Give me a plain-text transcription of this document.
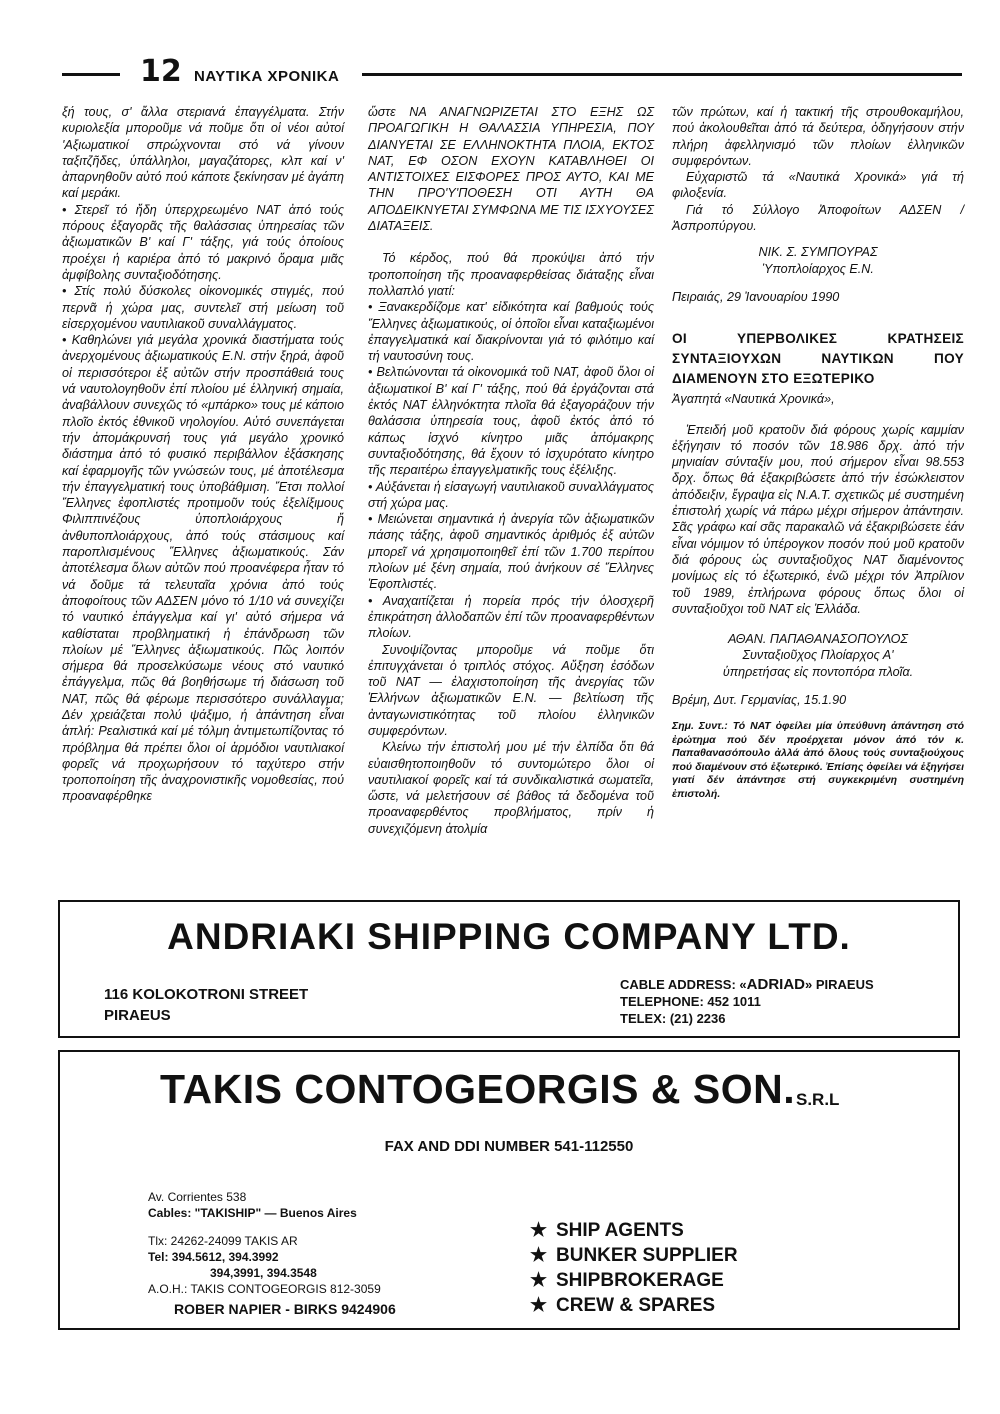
12 ΝΑΥΤΙΚΑ ΧΡΟΝΙΚΑ

ξή τους, σ' ἄλλα στεριανά ἐπαγγέλματα. Στήν κυριολεξία μποροῦμε νά ποῦμε ὅτι οἱ νέοι αὐτοί 'Αξιωματικοί σπρώχνονται στό νά γίνουν ταξιτζῆδες, ὑπάλληλοι, μαγαζάτορες, κλπ καί ν' ἀπαρνηθοῦν αὐτό πού κάποτε ξεκίνησαν μέ ἀγάπη καί μεράκι.

• Στερεῖ τό ἤδη ὑπερχρεωμένο ΝΑΤ ἀπό τούς πόρους ἐξαγορᾶς τῆς θαλάσσιας ὑπηρεσίας τῶν ἀξιωματικῶν Β' καί Γ' τάξης, γιά τούς ὁποίους προέχει ἡ καριέρα ἀπό τό μακρινό ὅραμα μιᾶς ἀμφίβολης συνταξιοδότησης.

• Στίς πολύ δύσκολες οἰκονομικές στιγμές, πού περνᾶ ἡ χώρα μας, συντελεῖ στή μείωση τοῦ εἰσερχομένου ναυτιλιακοῦ συναλλάγματος.

• Καθηλώνει γιά μεγάλα χρονικά διαστήματα τούς ἀνερχομένους ἀξιωματικούς Ε.Ν. στήν ξηρά, ἀφοῦ οἱ περισσότεροι ἐξ αὐτῶν στήν προσπάθειά τους νά ναυτολογηθοῦν ἐπί πλοίου μέ ἑλληνική σημαία, ἀναβάλλουν συνεχῶς τό «μπάρκο» τους μέ κάποιο πλοῖο ἐκτός ἐθνικοῦ νηολογίου. Αὐτό συνεπάγεται τήν ἀπομάκρυνσή τους γιά μεγάλο χρονικό διάστημα ἀπό τό φυσικό περιβάλλον ἐξάσκησης καί ἐφαρμογῆς τῶν γνώσεών τους, μέ ἀποτέλεσμα τήν ἐπαγγελματική τους ὑποβάθμιση. Ἔτσι πολλοί Ἕλληνες ἐφοπλιστές προτιμοῦν τούς ἐξελίξιμους Φιλιππινέζους ὑποπλοιάρχους ἤ ἀνθυποπλοιάρχους, ἀπό τούς στάσιμους καί παροπλισμένους Ἕλληνες ἀξιωματικούς. Σάν ἀποτέλεσμα ὅλων αὐτῶν πού προανέφερα ἦταν τό νά δοῦμε τά τελευταῖα χρόνια ἀπό τούς ἀποφοίτους τῶν ΑΔΣΕΝ μόνο τό 1/10 νά συνεχίζει τό ναυτικό ἐπάγγελμα καί γι' αὐτό σήμερα νά καθίσταται προβληματική ἡ ἐπάνδρωση τῶν πλοίων μέ Ἕλληνες ἀξιωματικούς. Πῶς λοιπόν σήμερα θά προσελκύσωμε νέους στό ναυτικό ἐπάγγελμα, πῶς θά βοηθήσωμε τή διάσωση τοῦ ΝΑΤ, πῶς θά φέρωμε περισσότερο συνάλλαγμα; Δέν χρειάζεται πολύ ψάξιμο, ἡ ἀπάντηση εἶναι ἁπλή: Ρεαλιστικά καί μέ τόλμη ἀντιμετωπίζοντας τό πρόβλημα θά πρέπει ὅλοι οἱ ἁρμόδιοι ναυτιλιακοί φορεῖς νά προχωρήσουν τό ταχύτερο στήν τροποποίηση τῆς ἀναχρονιστικῆς νομοθεσίας, πού προαναφέρθηκε

ὥστε ΝΑ ΑΝΑΓΝΩΡΙΖΕΤΑΙ ΣΤΟ ΕΞΗΣ ΩΣ ΠΡΟΑΓΩΓΙΚΗ Η ΘΑΛΑΣΣΙΑ ΥΠΗΡΕΣΙΑ, ΠΟΥ ΔΙΑΝΥΕΤΑΙ ΣΕ ΕΛΛΗΝΟΚΤΗΤΑ ΠΛΟΙΑ, ΕΚΤΟΣ ΝΑΤ, ΕΦ ΟΣΟΝ ΕΧΟΥΝ ΚΑΤΑΒΛΗΘΕΙ ΟΙ ΑΝΤΙΣΤΟΙΧΕΣ ΕΙΣΦΟΡΕΣ ΠΡΟΣ ΑΥΤΟ, ΚΑΙ ΜΕ ΤΗΝ ΠΡΟ'Υ'ΠΟΘΕΣΗ ΟΤΙ ΑΥΤΗ ΘΑ ΑΠΟΔΕΙΚΝΥΕΤΑΙ ΣΥΜΦΩΝΑ ΜΕ ΤΙΣ ΙΣΧΥΟΥΣΕΣ ΔΙΑΤΑΞΕΙΣ.

Τό κέρδος, πού θά προκύψει ἀπό τήν τροποποίηση τῆς προαναφερθείσας διάταξης εἶναι πολλαπλό γιατί:

• Ξανακερδίζομε κατ' εἰδικότητα καί βαθμούς τούς Ἕλληνες ἀξιωματικούς, οἱ ὁποῖοι εἶναι καταξιωμένοι ἐπαγγελματικά καί διακρίνονται γιά τό φιλότιμο καί τή ναυτοσύνη τους.

• Βελτιώνονται τά οἰκονομικά τοῦ ΝΑΤ, ἀφοῦ ὅλοι οἱ ἀξιωματικοί Β' καί Γ' τάξης, πού θά ἐργάζονται στά ἐκτός ΝΑΤ ἑλληνόκτητα πλοῖα θά ἐξαγοράζουν τήν θαλάσσια ὑπηρεσία τους, ἀφοῦ ἐκτός ἀπό τό κάπως ἰσχνό κίνητρο μιᾶς ἀπόμακρης συνταξιοδότησης, θά ἔχουν τό ἰσχυρότατο κίνητρο τῆς περαιτέρω ἐπαγγελματικῆς τους ἐξέλιξης.

• Αὐξάνεται ἡ εἰσαγωγή ναυτιλιακοῦ συναλλάγματος στή χώρα μας.

• Μειώνεται σημαντικά ἡ ἀνεργία τῶν ἀξιωματικῶν πάσης τάξης, ἀφοῦ σημαντικός ἀριθμός ἐξ αὐτῶν μπορεῖ νά χρησιμοποιηθεῖ ἐπί τῶν 1.700 περίπου πλοίων μέ ξένη σημαία, πού ἀνήκουν σέ Ἕλληνες Ἐφοπλιστές.

• Αναχαιτίζεται ἡ πορεία πρός τήν ὁλοσχερῆ ἐπικράτηση ἀλλοδαπῶν ἐπί τῶν προαναφερθέντων πλοίων.

Συνοψίζοντας μποροῦμε νά ποῦμε ὅτι ἐπιτυγχάνεται ὁ τριπλός στόχος. Αὔξηση ἐσόδων τοῦ ΝΑΤ — ἐλαχιστοποίηση τῆς ἀνεργίας τῶν Ἑλλήνων ἀξιωματικῶν Ε.Ν. — βελτίωση τῆς ἀνταγωνιστικότητας τοῦ πλοίου ἑλληνικῶν συμφερόντων.

Κλείνω τήν ἐπιστολή μου μέ τήν ἐλπίδα ὅτι θά εὐαισθητοποιηθοῦν τό συντομώτερο ὅλοι οἱ ναυτιλιακοί φορεῖς καί τά συνδικαλιστικά σωματεῖα, ὥστε, νά μελετήσουν σέ βάθος τά δεδομένα τοῦ προαναφερθέντος προβλήματος, πρίν ἡ συνεχιζόμενη ἀτολμία

τῶν πρώτων, καί ἡ τακτική τῆς στρουθοκαμήλου, πού ἀκολουθεῖται ἀπό τά δεύτερα, ὁδηγήσουν στήν πλήρη ἀφελληνισμό τῶν πλοίων ἑλληνικῶν συμφερόντων.

Εὐχαριστῶ τά «Ναυτικά Χρονικά» γιά τή φιλοξενία.

Γιά τό Σύλλογο Ἀποφοίτων ΑΔΣΕΝ / Ἀσπροπύργου.

ΝΙΚ. Σ. ΣΥΜΠΟΥΡΑΣ

Ὑποπλοίαρχος Ε.Ν.

Πειραιάς, 29 Ἰανουαρίου 1990

ΟΙ ΥΠΕΡΒΟΛΙΚΕΣ ΚΡΑΤΗΣΕΙΣ ΣΥΝΤΑΞΙΟΥΧΩΝ ΝΑΥΤΙΚΩΝ ΠΟΥ ΔΙΑΜΕΝΟΥΝ ΣΤΟ ΕΞΩΤΕΡΙΚΟ

Ἀγαπητά «Ναυτικά Χρονικά»,

Ἐπειδή μοῦ κρατοῦν διά φόρους χωρίς καμμίαν ἐξήγησιν τό ποσόν τῶν 18.986 δρχ. ἀπό τήν μηνιαίαν σύνταξίν μου, πού σήμερον εἶναι 98.553 δρχ. ὅπως θά ἐξακριβώσετε ἀπό τήν ἐσώκλειστον ἀπόδειξιν, ἔγραψα εἰς Ν.Α.Τ. σχετικῶς μέ συστημένη ἐπιστολή χωρίς νά πάρω μέχρι σήμερον ἀπάντησιν. Σᾶς γράφω καί σᾶς παρακαλῶ νά ἐξακριβώσετε ἐάν εἶναι νόμιμον τό ὑπέρογκον ποσόν πού μοῦ κρατοῦν διά φόρους ὡς συνταξιοῦχος ΝΑΤ διαμένοντος μονίμως εἰς τό ἐξωτερικό, ἐνῶ μέχρι τόν Ἀπρίλιον τοῦ 1989, ἐπλήρωνα φόρους ὅπως ὅλοι οἱ συνταξιοῦχοι τοῦ ΝΑΤ εἰς Ἑλλάδα.

ΑΘΑΝ. ΠΑΠΑΘΑΝΑΣΟΠΟΥΛΟΣ

Συνταξιοῦχος Πλοίαρχος Α'

ὑπηρετήσας εἰς ποντοπόρα πλοῖα.

Βρέμη, Δυτ. Γερμανίας, 15.1.90

Σημ. Συντ.: Τό ΝΑΤ ὀφείλει μία ὑπεύθυνη ἀπάντηση στό ἐρώτημα πού δέν προέρχεται μόνον ἀπό τόν κ. Παπαθανασόπουλο ἀλλά ἀπό ὅλους τούς συνταξιούχους πού διαμένουν στό ἐξωτερικό. Ἐπίσης ὀφείλει νά ἐξηγήσει γιατί δέν ἀπάντησε στή συγκεκριμένη συστημένη ἐπιστολή.

ANDRIAKI SHIPPING COMPANY LTD.
116 KOLOKOTRONI STREET
PIRAEUS
CABLE ADDRESS: «ADRIAD» PIRAEUS
TELEPHONE: 452 1011
TELEX: (21) 2236
TAKIS CONTOGEORGIS & SON. S.R.L
FAX AND DDI NUMBER 541-112550
Av. Corrientes 538
Cables: "TAKISHIP" — Buenos Aires
Tlx: 24262-24099 TAKIS AR
Tel: 394.5612, 394.3992
394,3991, 394.3548
A.O.H.: TAKIS CONTOGEORGIS 812-3059
ROBER NAPIER - BIRKS 9424906
★ SHIP AGENTS
★ BUNKER SUPPLIER
★ SHIPBROKERAGE
★ CREW & SPARES
